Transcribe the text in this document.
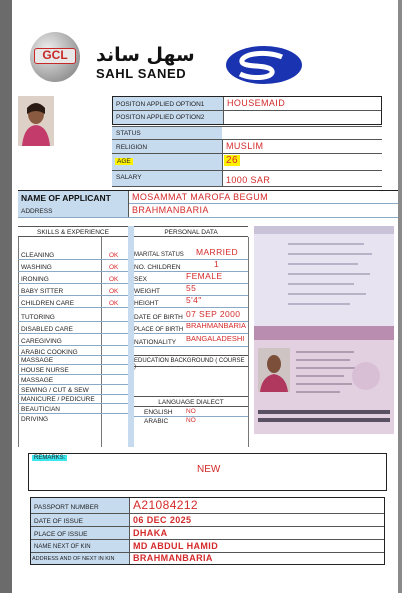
GCL	سهل ساند
SAHL SANED
POSITON APPLIED OPTION1	HOUSEMAID
POSITON APPLIED OPTION2
STATUS
RELIGION	MUSLIM
AGE	26
SALARY	1000 SAR
NAME OF APPLICANT MOSAMMAT MAROFA BEGUM
ADDRESS	BRAHMANBARIA
SKILLS & EXPERIENCE	PERSONAL DATA
CLEANING	OK
WASHING	OK
IRONING	OK
BABY SITTER	OK
CHILDREN CARE	OK
TUTORING
DISABLED CARE
CAREGIVING
ARABIC COOKING
MASSAGE
HOUSE NURSE
MASSAGE
SEWING / CUT & SEW
MANICURE / PEDICURE
BEAUTICIAN
DRIVING
MARITAL STATUS MARRIED
NO. CHILDREN	1
SEX	FEMALE
WEIGHT	55
HEIGHT	5'4"
DATE OF BIRTH 07 SEP 2000
PLACE OF BIRTH BRAHMANBARIA
NATIONALITY BANGALADESHI
EDUCATION BACKGROUND ( COURSE )
LANGUAGE DIALECT
ENGLISH NO
ARABIC	NO
REMARKS:
NEW
PASSPORT NUMBER	A21084212
DATE OF ISSUE	06 DEC 2025
PLACE OF ISSUE	DHAKA
NAME NEXT OF KIN	MD ABDUL HAMID
ADDRESS AND OF NEXT IN KIN BRAHMANBARIA
